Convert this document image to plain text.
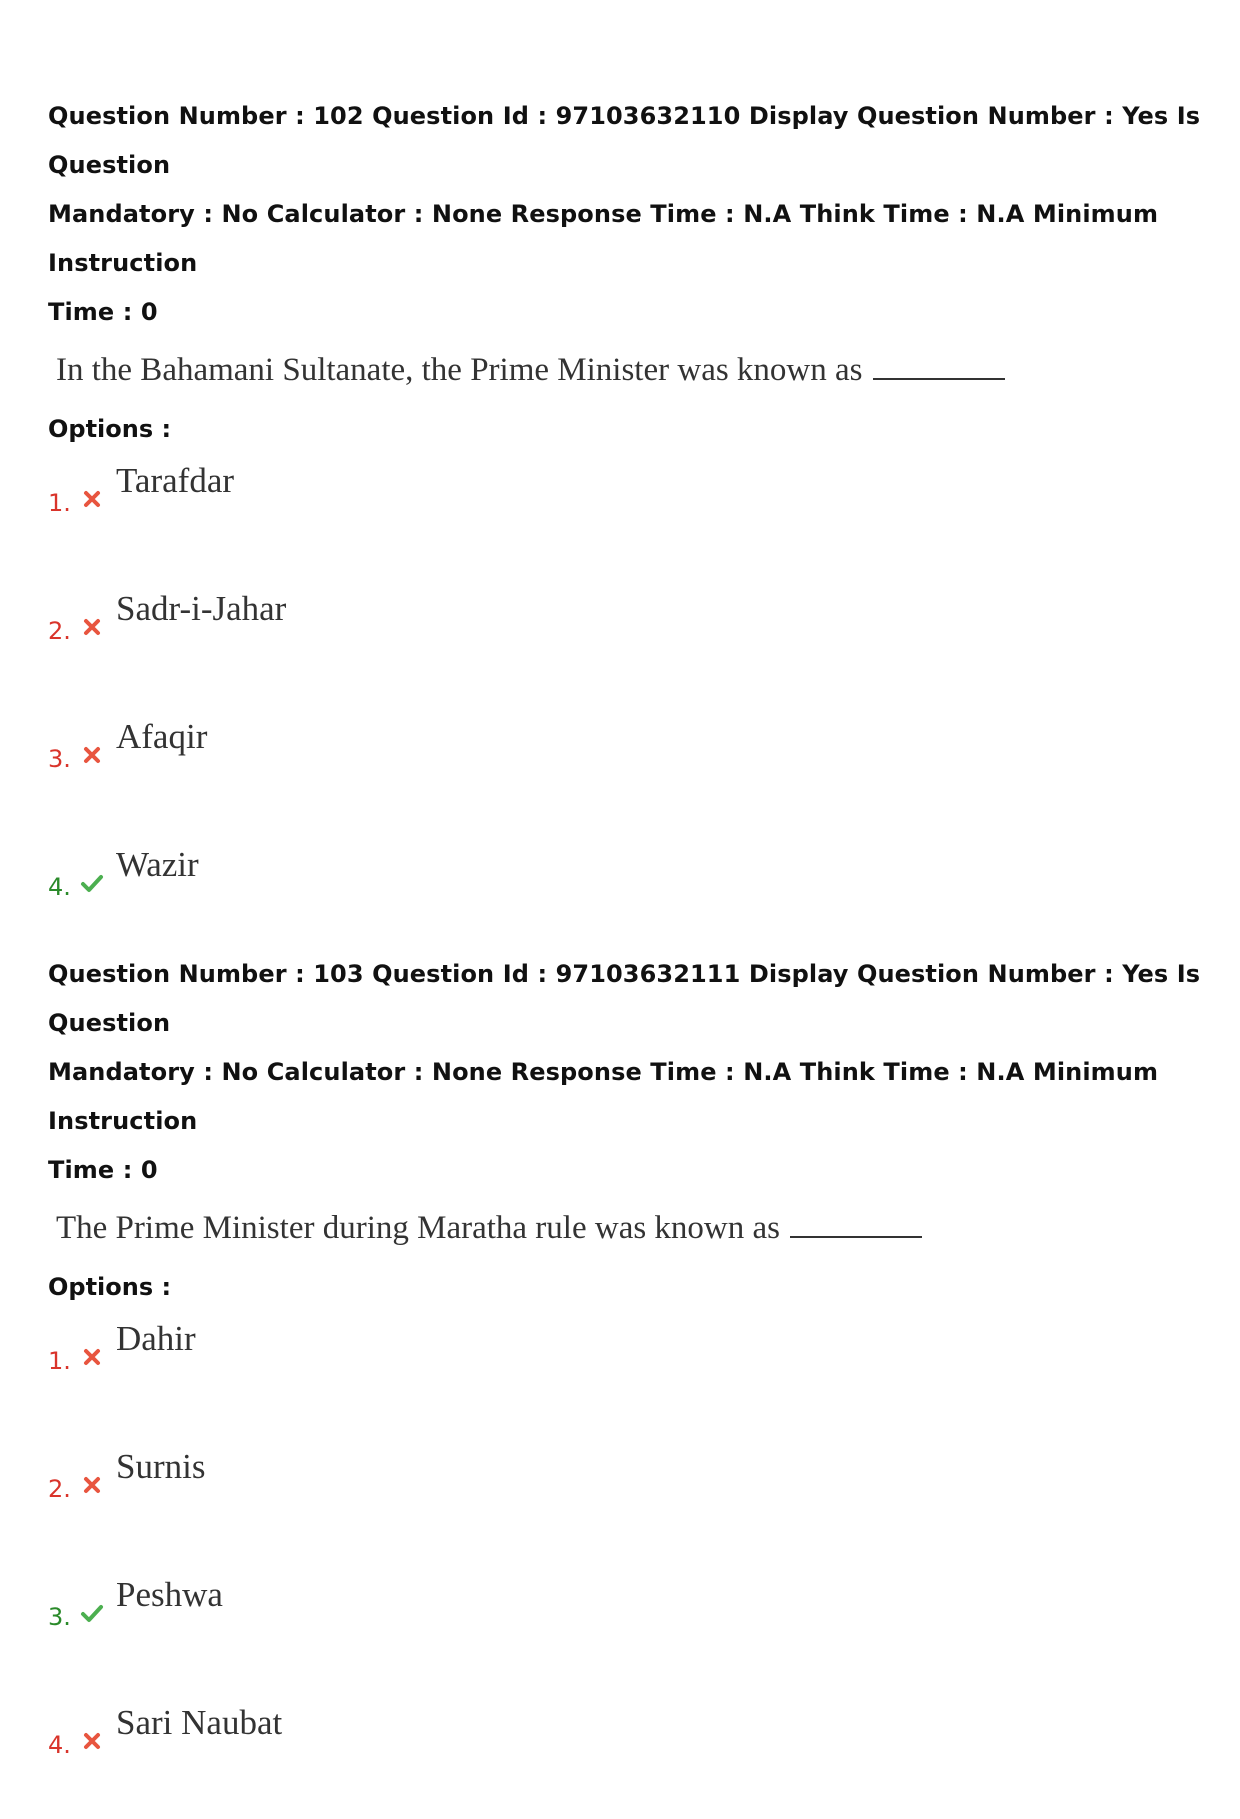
Question Number : 102 Question Id : 97103632110 Display Question Number : Yes Is Question

Mandatory : No Calculator : None Response Time : N.A Think Time : N.A Minimum Instruction

Time : 0

In the Bahamani Sultanate, the Prime Minister was known as
Options :
1.
Tarafdar
2.
Sadr-i-Jahar
3.
Afaqir
4.
Wazir

Question Number : 103 Question Id : 97103632111 Display Question Number : Yes Is Question

Mandatory : No Calculator : None Response Time : N.A Think Time : N.A Minimum Instruction

Time : 0

The Prime Minister during Maratha rule was known as
Options :
1.
Dahir
2.
Surnis
3.
Peshwa
4.
Sari Naubat
